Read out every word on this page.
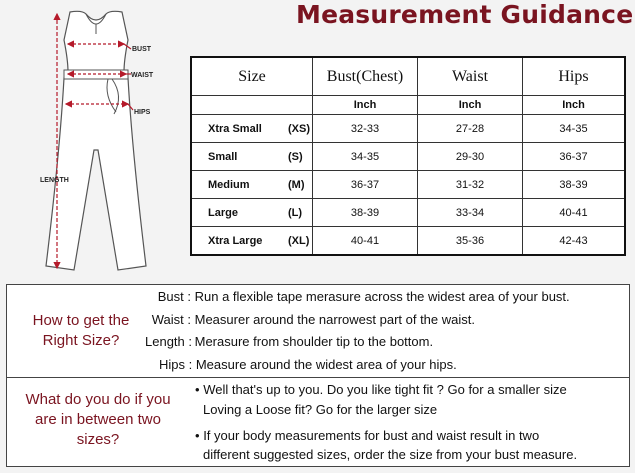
Measurement Guidance
BUST
WAIST
HIPS
LENGTH
Size	Bust(Chest)	Waist	Hips
	Inch	Inch	Inch
Xtra Small (XS)	32-33	27-28	34-35
Small (S)	34-35	29-30	36-37
Medium (M)	36-37	31-32	38-39
Large (L)	38-39	33-34	40-41
Xtra Large (XL)	40-41	35-36	42-43
How to get the
Right Size?
Bust : Run a flexible tape merasure across the widest area of your bust.
Waist : Measurer around the narrowest part of the waist.
Length : Merasure from shoulder tip to the bottom.
Hips : Measure around the widest area of your hips.
What do you do if you
are in between two
sizes?
• Well that's up to you. Do you like tight fit ? Go for a smaller size
Loving a Loose fit? Go for the larger size
• If your body measurements for bust and waist result in two
different suggested sizes, order the size from your bust measure.
